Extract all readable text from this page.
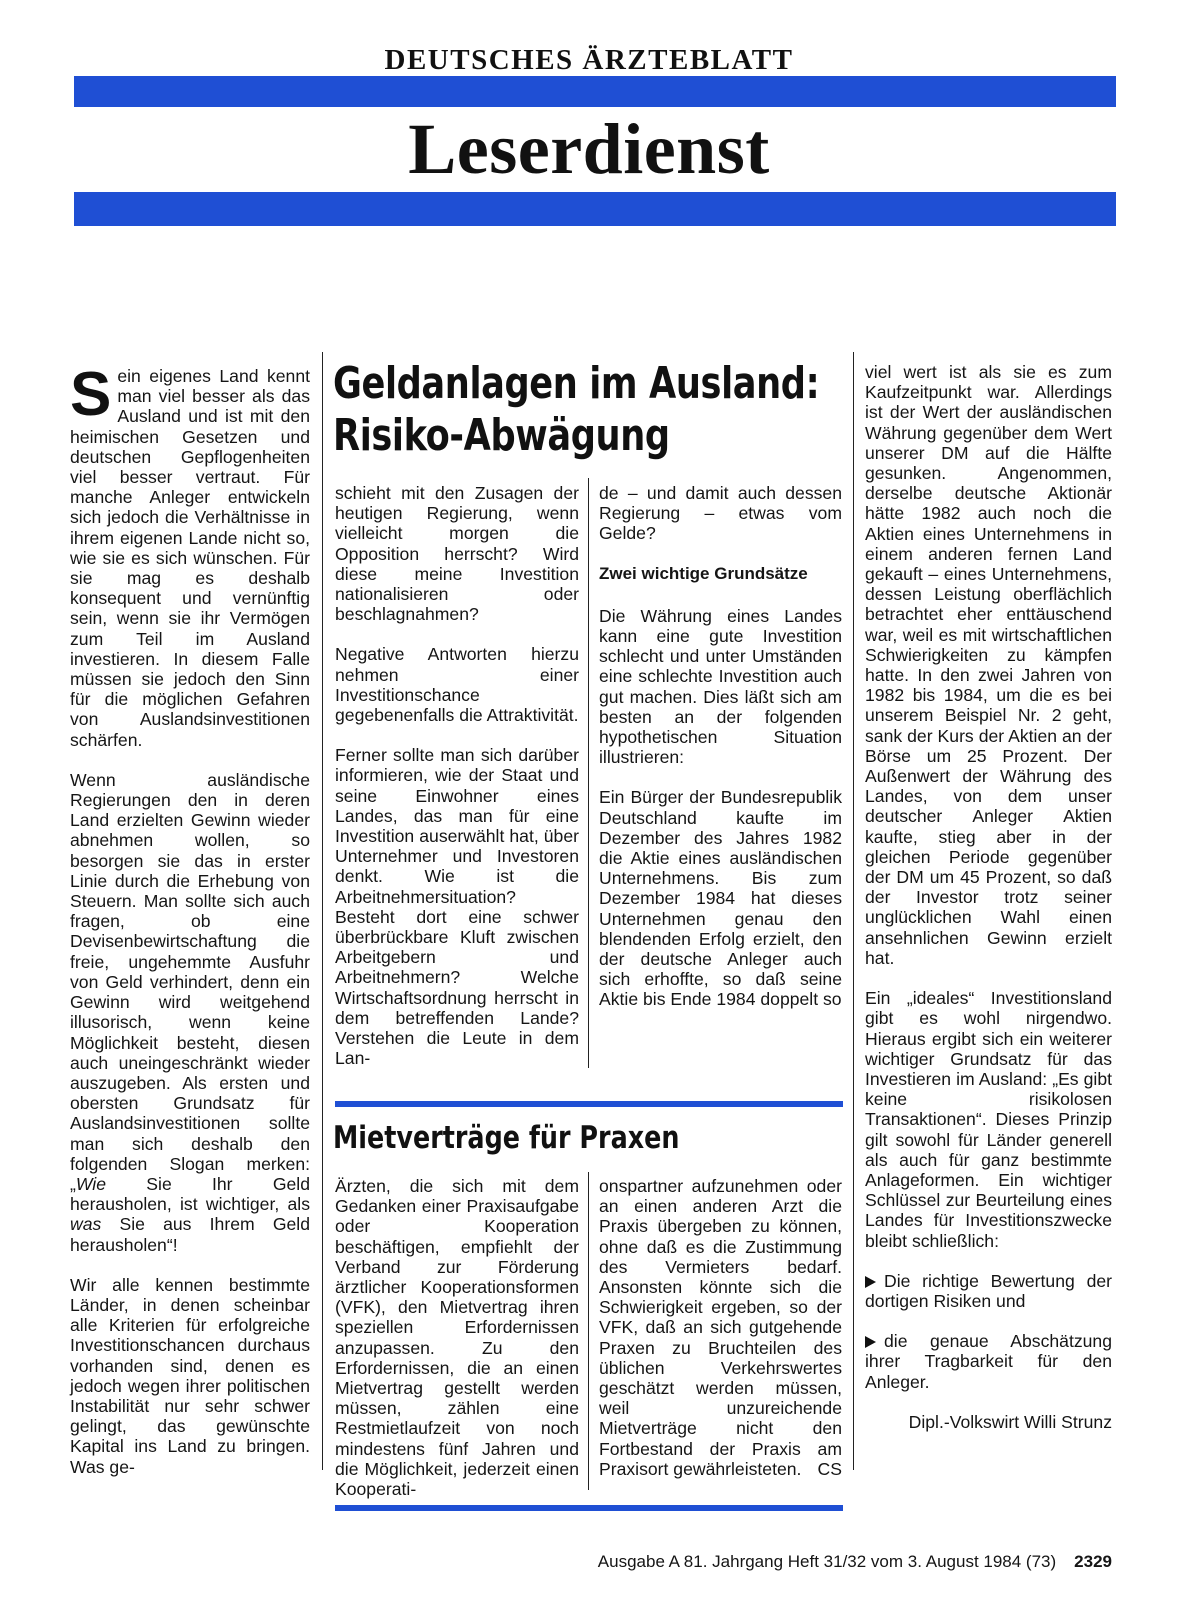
DEUTSCHES ÄRZTEBLATT
Leserdienst

Sein eigenes Land kennt man viel besser als das Ausland und ist mit den heimischen Gesetzen und deutschen Gepflogenheiten viel besser vertraut. Für manche Anleger entwickeln sich jedoch die Verhältnisse in ihrem eigenen Lande nicht so, wie sie es sich wünschen. Für sie mag es deshalb konsequent und vernünftig sein, wenn sie ihr Vermögen zum Teil im Ausland investieren. In diesem Falle müssen sie jedoch den Sinn für die möglichen Gefahren von Auslandsinvestitionen schärfen.

Wenn ausländische Regierungen den in deren Land erzielten Gewinn wieder abnehmen wollen, so besorgen sie das in erster Linie durch die Erhebung von Steuern. Man sollte sich auch fragen, ob eine Devisenbewirtschaftung die freie, ungehemmte Ausfuhr von Geld verhindert, denn ein Gewinn wird weitgehend illusorisch, wenn keine Möglichkeit besteht, diesen auch uneingeschränkt wieder auszugeben. Als ersten und obersten Grundsatz für Auslandsinvestitionen sollte man sich deshalb den folgenden Slogan merken: „Wie Sie Ihr Geld herausholen, ist wichtiger, als was Sie aus Ihrem Geld herausholen“!

Wir alle kennen bestimmte Länder, in denen scheinbar alle Kriterien für erfolgreiche Investitionschancen durchaus vorhanden sind, denen es jedoch wegen ihrer politischen Instabilität nur sehr schwer gelingt, das gewünschte Kapital ins Land zu bringen. Was ge-

Geldanlagen im Ausland:
Risiko-Abwägung

schieht mit den Zusagen der heutigen Regierung, wenn vielleicht morgen die Opposition herrscht? Wird diese meine Investition nationalisieren oder beschlagnahmen?

Negative Antworten hierzu nehmen einer Investitionschance gegebenenfalls die Attraktivität.

Ferner sollte man sich darüber informieren, wie der Staat und seine Einwohner eines Landes, das man für eine Investition auserwählt hat, über Unternehmer und Investoren denkt. Wie ist die Arbeitnehmersituation? Besteht dort eine schwer überbrückbare Kluft zwischen Arbeitgebern und Arbeitnehmern? Welche Wirtschaftsordnung herrscht in dem betreffenden Lande? Verstehen die Leute in dem Lan-

de – und damit auch dessen Regierung – etwas vom Gelde?

Zwei wichtige Grundsätze

Die Währung eines Landes kann eine gute Investition schlecht und unter Umständen eine schlechte Investition auch gut machen. Dies läßt sich am besten an der folgenden hypothetischen Situation illustrieren:

Ein Bürger der Bundesrepublik Deutschland kaufte im Dezember des Jahres 1982 die Aktie eines ausländischen Unternehmens. Bis zum Dezember 1984 hat dieses Unternehmen genau den blendenden Erfolg erzielt, den der deutsche Anleger auch sich erhoffte, so daß seine Aktie bis Ende 1984 doppelt so

viel wert ist als sie es zum Kaufzeitpunkt war. Allerdings ist der Wert der ausländischen Währung gegenüber dem Wert unserer DM auf die Hälfte gesunken. Angenommen, derselbe deutsche Aktionär hätte 1982 auch noch die Aktien eines Unternehmens in einem anderen fernen Land gekauft – eines Unternehmens, dessen Leistung oberflächlich betrachtet eher enttäuschend war, weil es mit wirtschaftlichen Schwierigkeiten zu kämpfen hatte. In den zwei Jahren von 1982 bis 1984, um die es bei unserem Beispiel Nr. 2 geht, sank der Kurs der Aktien an der Börse um 25 Prozent. Der Außenwert der Währung des Landes, von dem unser deutscher Anleger Aktien kaufte, stieg aber in der gleichen Periode gegenüber der DM um 45 Prozent, so daß der Investor trotz seiner unglücklichen Wahl einen ansehnlichen Gewinn erzielt hat.

Ein „ideales“ Investitionsland gibt es wohl nirgendwo. Hieraus ergibt sich ein weiterer wichtiger Grundsatz für das Investieren im Ausland: „Es gibt keine risikolosen Transaktionen“. Dieses Prinzip gilt sowohl für Länder generell als auch für ganz bestimmte Anlageformen. Ein wichtiger Schlüssel zur Beurteilung eines Landes für Investitionszwecke bleibt schließlich:

Die richtige Bewertung der dortigen Risiken und

die genaue Abschätzung ihrer Tragbarkeit für den Anleger.

Dipl.-Volkswirt Willi Strunz

Mietverträge für Praxen

Ärzten, die sich mit dem Gedanken einer Praxisaufgabe oder Kooperation beschäftigen, empfiehlt der Verband zur Förderung ärztlicher Kooperationsformen (VFK), den Mietvertrag ihren speziellen Erfordernissen anzupassen. Zu den Erfordernissen, die an einen Mietvertrag gestellt werden müssen, zählen eine Restmietlaufzeit von noch mindestens fünf Jahren und die Möglichkeit, jederzeit einen Kooperati-

onspartner aufzunehmen oder an einen anderen Arzt die Praxis übergeben zu können, ohne daß es die Zustimmung des Vermieters bedarf. Ansonsten könnte sich die Schwierigkeit ergeben, so der VFK, daß an sich gutgehende Praxen zu Bruchteilen des üblichen Verkehrswertes geschätzt werden müssen, weil unzureichende Mietverträge nicht den Fortbestand der Praxis am Praxisort gewährleisteten. CS

Ausgabe A 81. Jahrgang Heft 31/32 vom 3. August 1984 (73) 2329
